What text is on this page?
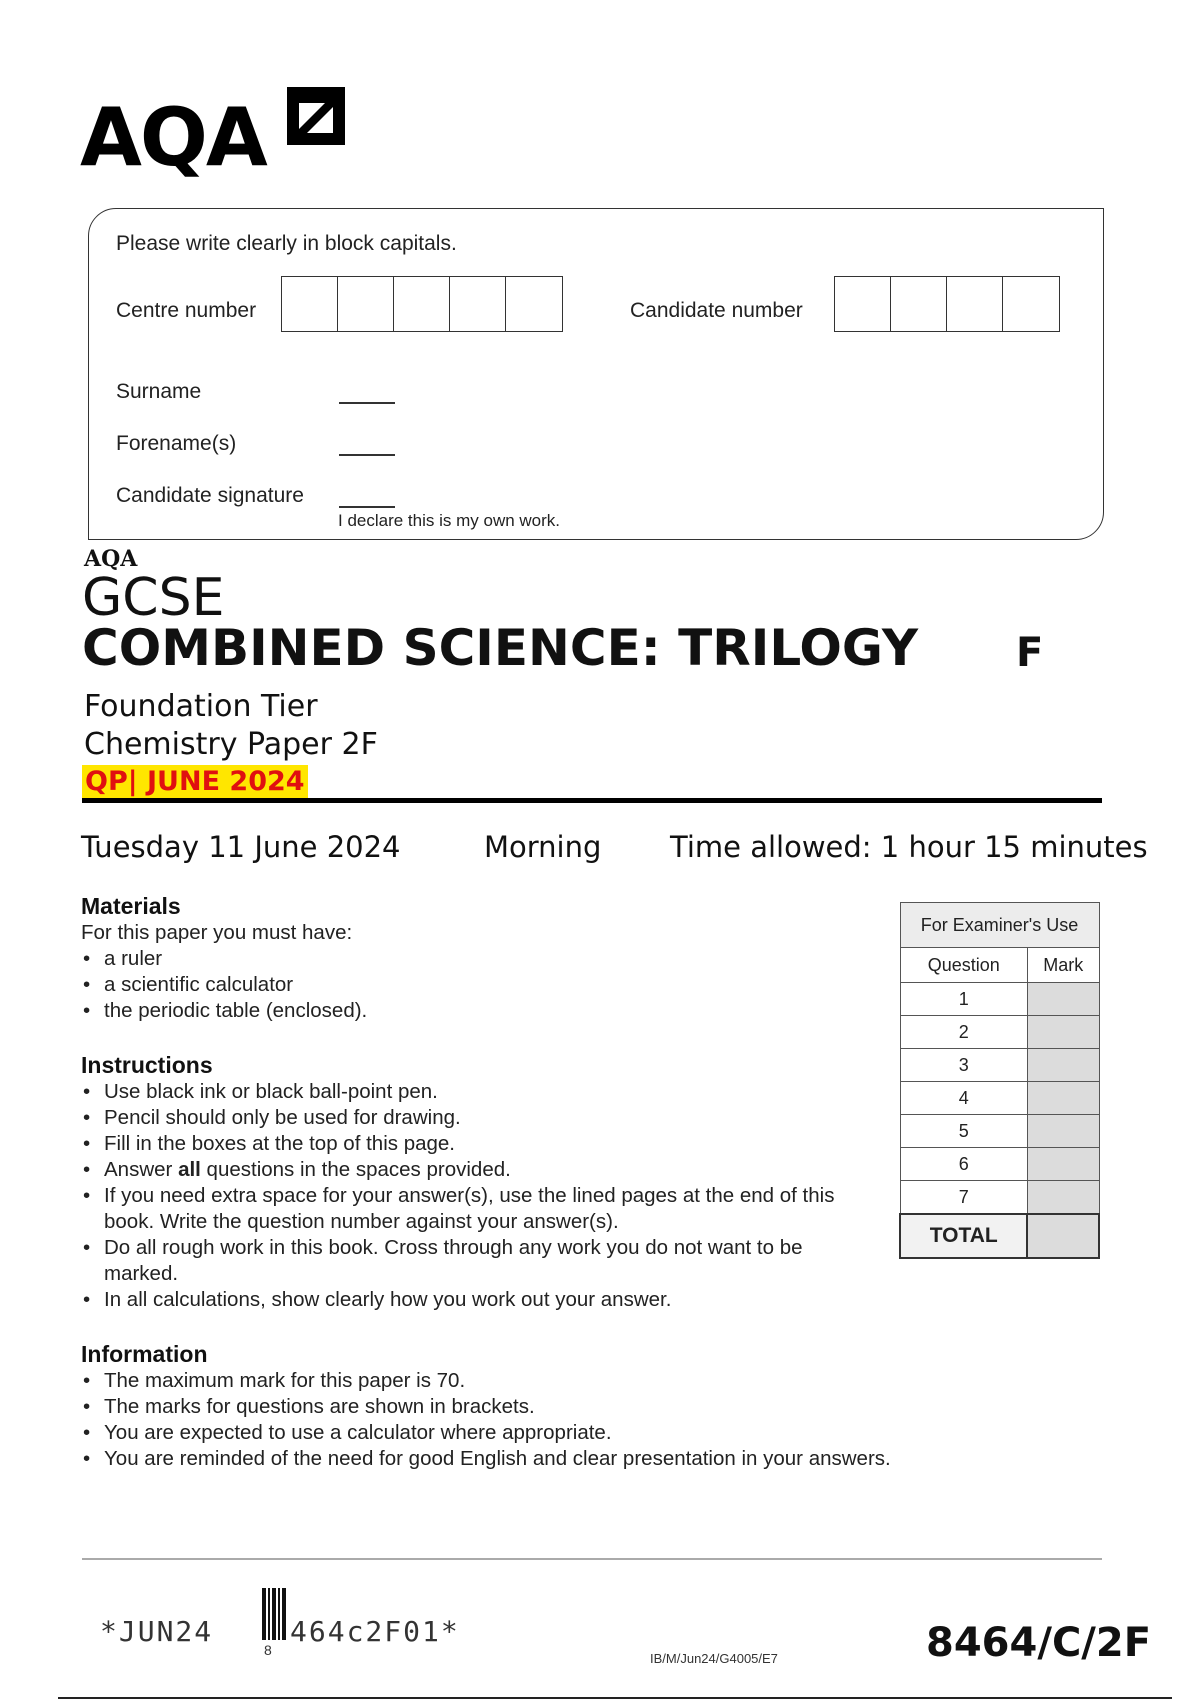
AQA
Please write clearly in block capitals.
Centre number	Candidate number
Surname
Forename(s)
Candidate signature
I declare this is my own work.
AQA
GCSE
COMBINED SCIENCE: TRILOGY F
Foundation Tier
Chemistry Paper 2F
QP| JUNE 2024
Tuesday 11 June 2024	Morning Time allowed: 1 hour 15 minutes
Materials
For this paper you must have:
• a ruler
• a scientific calculator
• the periodic table (enclosed).
Instructions
• Use black ink or black ball-point pen.
• Pencil should only be used for drawing.
• Fill in the boxes at the top of this page.
• Answer all questions in the spaces provided.
• If you need extra space for your answer(s), use the lined pages at the end of this book. Write the question number against your answer(s).
• Do all rough work in this book. Cross through any work you do not want to be marked.
• In all calculations, show clearly how you work out your answer.
Information
• The maximum mark for this paper is 70.
• The marks for questions are shown in brackets.
• You are expected to use a calculator where appropriate.
• You are reminded of the need for good English and clear presentation in your answers.
For Examiner's Use	
Question	Mark
1	
2	
3	
4	
5	
6	
7	
TOTAL	
*JUN24
8
464c2F01*
IB/M/Jun24/G4005/E7	8464/C/2F
